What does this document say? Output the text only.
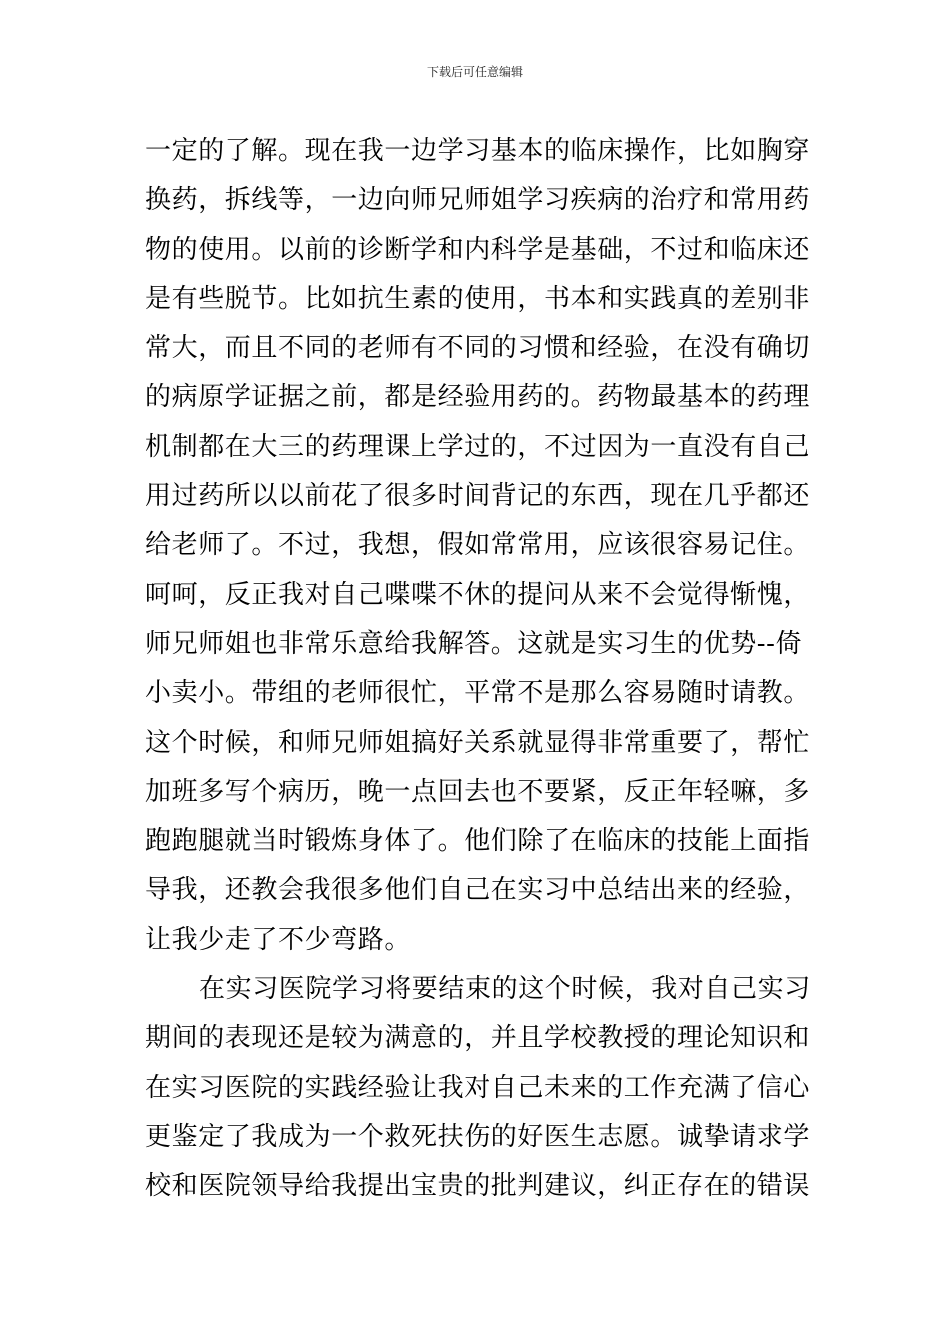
下载后可任意编辑
一定的了解。现在我一边学习基本的临床操作，比如胸穿
换药，拆线等，一边向师兄师姐学习疾病的治疗和常用药
物的使用。以前的诊断学和内科学是基础，不过和临床还
是有些脱节。比如抗生素的使用，书本和实践真的差别非
常大，而且不同的老师有不同的习惯和经验，在没有确切
的病原学证据之前，都是经验用药的。药物最基本的药理
机制都在大三的药理课上学过的，不过因为一直没有自己
用过药所以以前花了很多时间背记的东西，现在几乎都还
给老师了。不过，我想，假如常常用，应该很容易记住。
呵呵，反正我对自己喋喋不休的提问从来不会觉得惭愧，
师兄师姐也非常乐意给我解答。这就是实习生的优势--倚
小卖小。带组的老师很忙，平常不是那么容易随时请教。
这个时候，和师兄师姐搞好关系就显得非常重要了，帮忙
加班多写个病历，晚一点回去也不要紧，反正年轻嘛，多
跑跑腿就当时锻炼身体了。他们除了在临床的技能上面指
导我，还教会我很多他们自己在实习中总结出来的经验，
让我少走了不少弯路。
在实习医院学习将要结束的这个时候，我对自己实习
期间的表现还是较为满意的，并且学校教授的理论知识和
在实习医院的实践经验让我对自己未来的工作充满了信心
更鉴定了我成为一个救死扶伤的好医生志愿。诚挚请求学
校和医院领导给我提出宝贵的批判建议，纠正存在的错误
